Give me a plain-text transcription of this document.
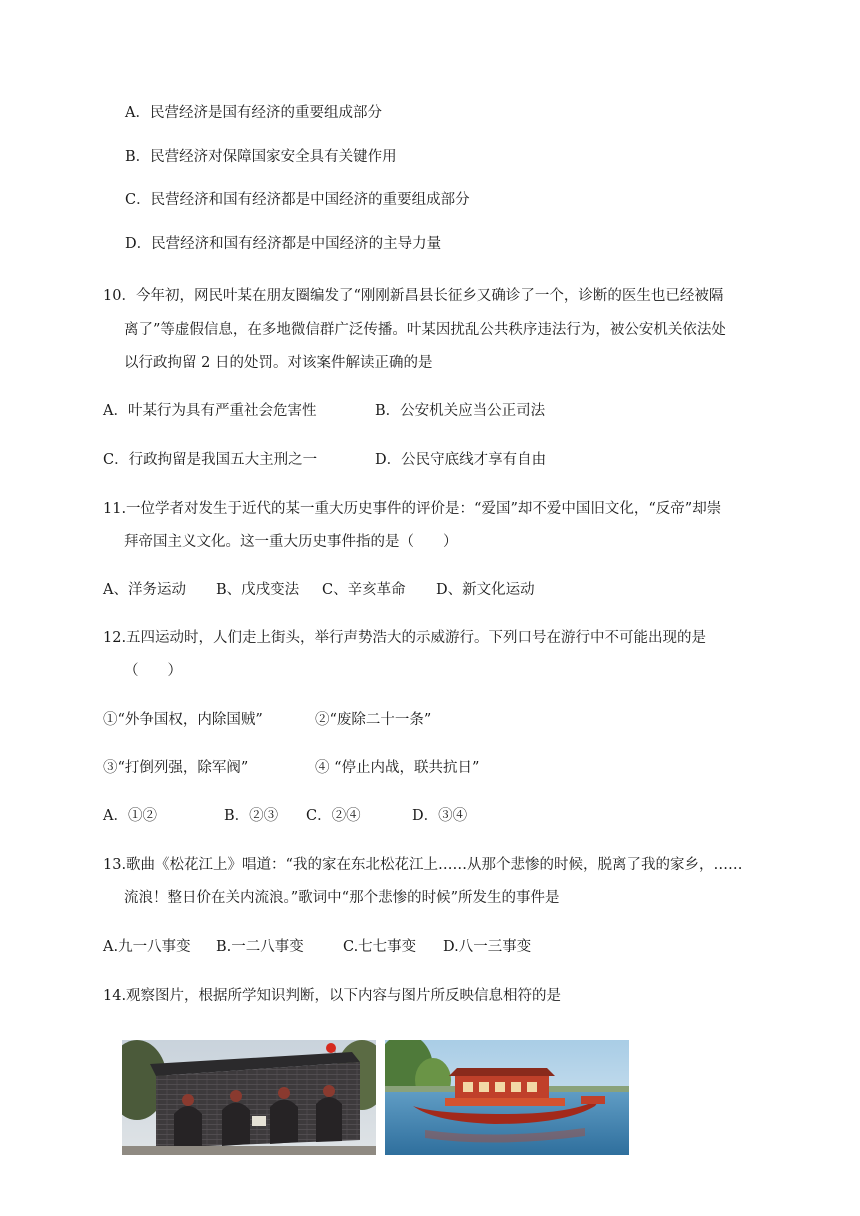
A．民营经济是国有经济的重要组成部分
B．民营经济对保障国家安全具有关键作用
C．民营经济和国有经济都是中国经济的重要组成部分
D．民营经济和国有经济都是中国经济的主导力量
10．今年初，网民叶某在朋友圈编发了“刚刚新昌县长征乡又确诊了一个，诊断的医生也已经被隔
离了”等虚假信息，在多地微信群广泛传播。叶某因扰乱公共秩序违法行为，被公安机关依法处
以行政拘留 2 日的处罚。对该案件解读正确的是
A．叶某行为具有严重社会危害性	B．公安机关应当公正司法
C．行政拘留是我国五大主刑之一	D．公民守底线才享有自由
11.一位学者对发生于近代的某一重大历史事件的评价是：“爱国”却不爱中国旧文化，“反帝”却崇
拜帝国主义文化。这一重大历史事件指的是（　　）
A、洋务运动 B、戊戌变法 C、辛亥革命 D、新文化运动
12.五四运动时，人们走上街头，举行声势浩大的示威游行。下列口号在游行中不可能出现的是
（　　）
①“外争国权，内除国贼”	②“废除二十一条”
③“打倒列强，除军阀”	④ “停止内战，联共抗日”
A．①②	B．②③ C．②④	D．③④
13.歌曲《松花江上》唱道：“我的家在东北松花江上……从那个悲惨的时候，脱离了我的家乡，……
流浪！整日价在关内流浪。”歌词中“那个悲惨的时候”所发生的事件是
A.九一八事变 B.一二八事变	C.七七事变 D.八一三事变
14.观察图片，根据所学知识判断，以下内容与图片所反映信息相符的是
